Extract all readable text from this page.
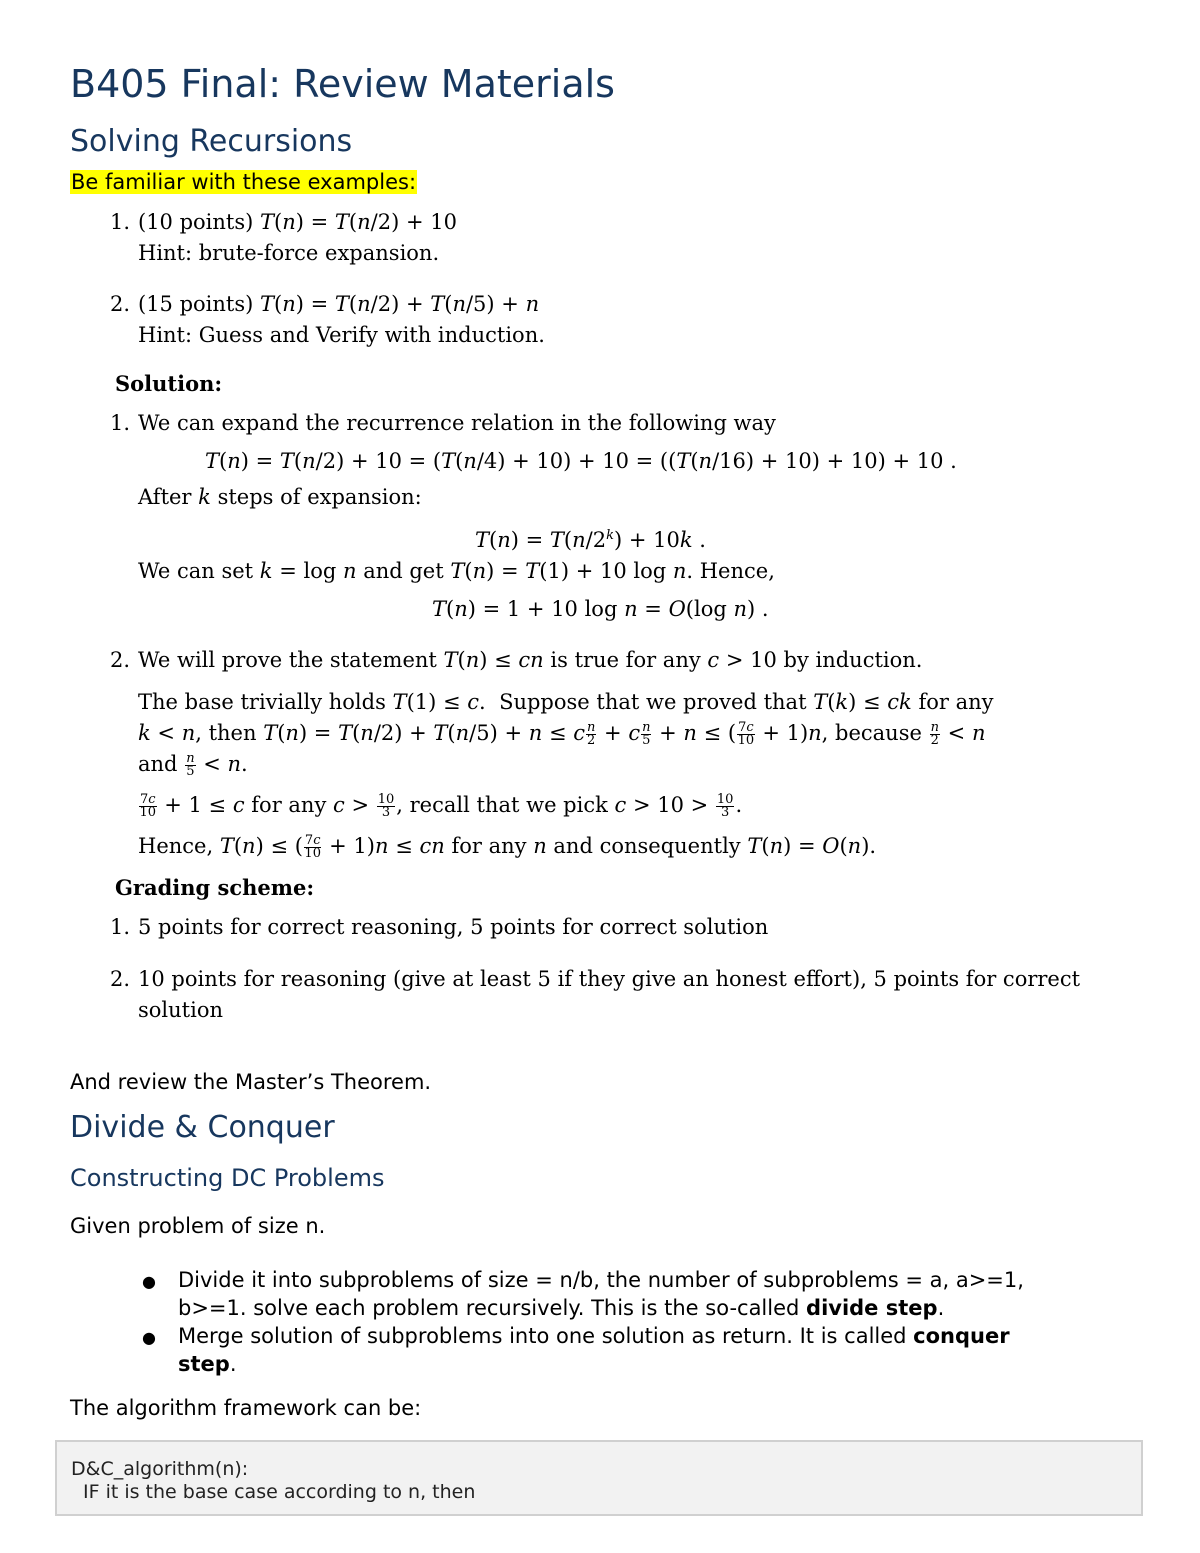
B405 Final: Review Materials
Solving Recursions
Be familiar with these examples:
1. (10 points) T(n) = T(n/2) + 10
Hint: brute-force expansion.
2. (15 points) T(n) = T(n/2) + T(n/5) + n
Hint: Guess and Verify with induction.
Solution:
1. We can expand the recurrence relation in the following way
T(n) = T(n/2) + 10 = (T(n/4) + 10) + 10 = ((T(n/16) + 10) + 10) + 10 .
After k steps of expansion:
$T(n) = T(n/2^k) + 10k$ .
We can set k = log n and get T(n) = T(1) + 10 log n. Hence,
T(n) = 1 + 10 log n = O(log n) .
2. We will prove the statement T(n) ≤ cn is true for any c > 10 by induction.
The base trivially holds T(1) ≤ c.  Suppose that we proved that T(k) ≤ ck for any
k < n, then T(n) = T(n/2) + T(n/5) + n ≤ c $\frac{n}{2} + c \frac{n}{5} + n$ ≤ ( $\frac{7c}{10} + 1)n$, because $\frac{n}{2} < n$
and $\frac{n}{5} < n$.
$\frac{7c}{10} + 1 \le c$ for any $c > \frac{10}{3}$ , recall that we pick $c > 10 > \frac{10}{3}$ .
Hence, T(n) ≤ ( $\frac{7c}{10} + 1)n$ ≤ cn for any n and consequently T(n) = O(n).
Grading scheme:
1. 5 points for correct reasoning, 5 points for correct solution
2. 10 points for reasoning (give at least 5 if they give an honest effort), 5 points for correct
solution
And review the Master’s Theorem.
Divide & Conquer
Constructing DC Problems
Given problem of size n.
● Divide it into subproblems of size = n/b, the number of subproblems = a, a>=1,
b>=1. solve each problem recursively. This is the so-called divide step.
● Merge solution of subproblems into one solution as return. It is called conquer
step.
The algorithm framework can be:
D&C_algorithm(n):
IF it is the base case according to n, then
